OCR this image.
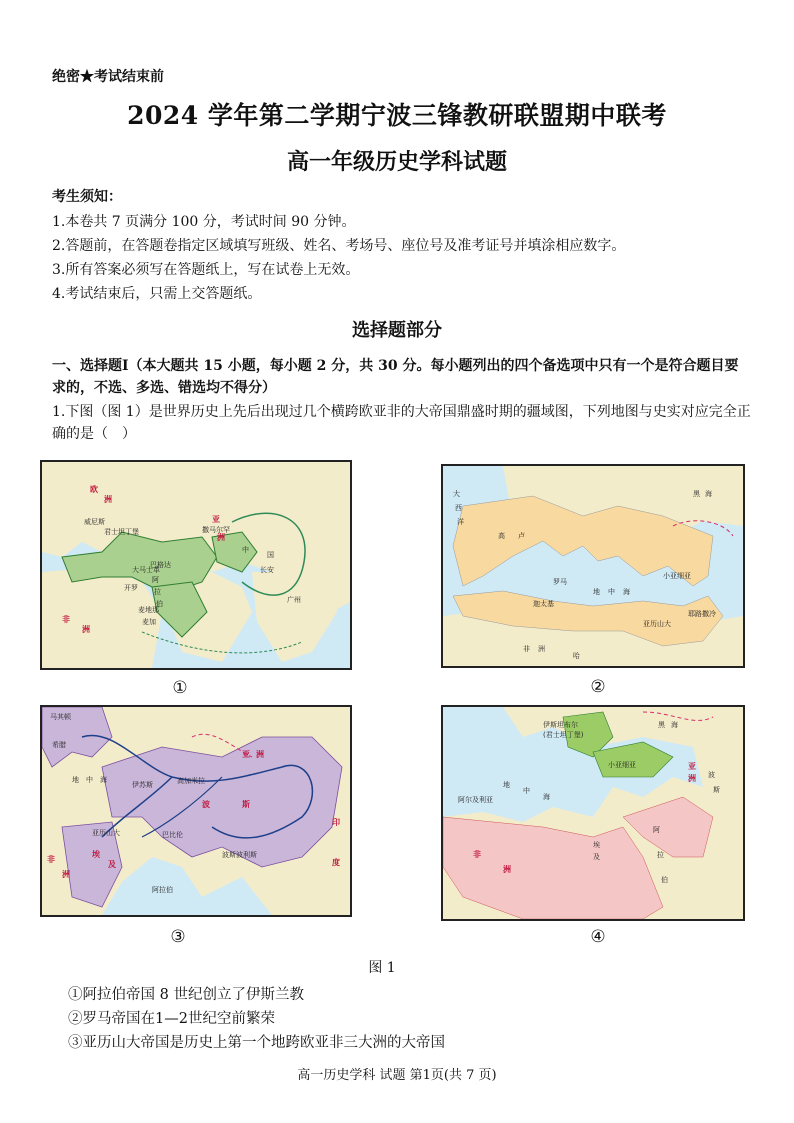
绝密★考试结束前
2024 学年第二学期宁波三锋教研联盟期中联考
高一年级历史学科试题
考生须知：
1.本卷共 7 页满分 100 分，考试时间 90 分钟。
2.答题前，在答题卷指定区域填写班级、姓名、考场号、座位号及准考证号并填涂相应数字。
3.所有答案必须写在答题纸上，写在试卷上无效。
4.考试结束后，只需上交答题纸。
选择题部分
一、选择题Ⅰ（本大题共 15 小题，每小题 2 分，共 30 分。每小题列出的四个备选项中只有一个是符合题目要求的，不选、多选、错选均不得分）
1.下图（图 1）是世界历史上先后出现过几个横跨欧亚非的大帝国鼎盛时期的疆域图，下列地图与史实对应完全正确的是（　）
欧
洲
亚
洲
非
洲
中
国
长安
广州
威尼斯
君士坦丁堡
巴格达
阿
拉
伯
开罗
麦地那
麦加
大马士革
撒马尔罕
①
大
西
洋
高 卢
罗马
迦太基
亚历山大
耶路撒冷
小亚细亚
哈
非 洲
地 中 海
黑 海
②
马其顿
希腊
埃
及
阿拉伯
波	斯
印
度
巴比伦
亚历山大
伊苏斯	高加米拉
亚 洲
非
洲
地 中 海
波斯波利斯
③
伊斯坦布尔
(君士坦丁堡)
小亚细亚
阿尔及利亚
埃
及
阿
拉
伯
波
斯
亚
洲
非
洲
地
中
海
黑 海
④
图 1
①阿拉伯帝国 8 世纪创立了伊斯兰教
②罗马帝国在1—2世纪空前繁荣
③亚历山大帝国是历史上第一个地跨欧亚非三大洲的大帝国
高一历史学科 试题 第1页(共 7 页)
